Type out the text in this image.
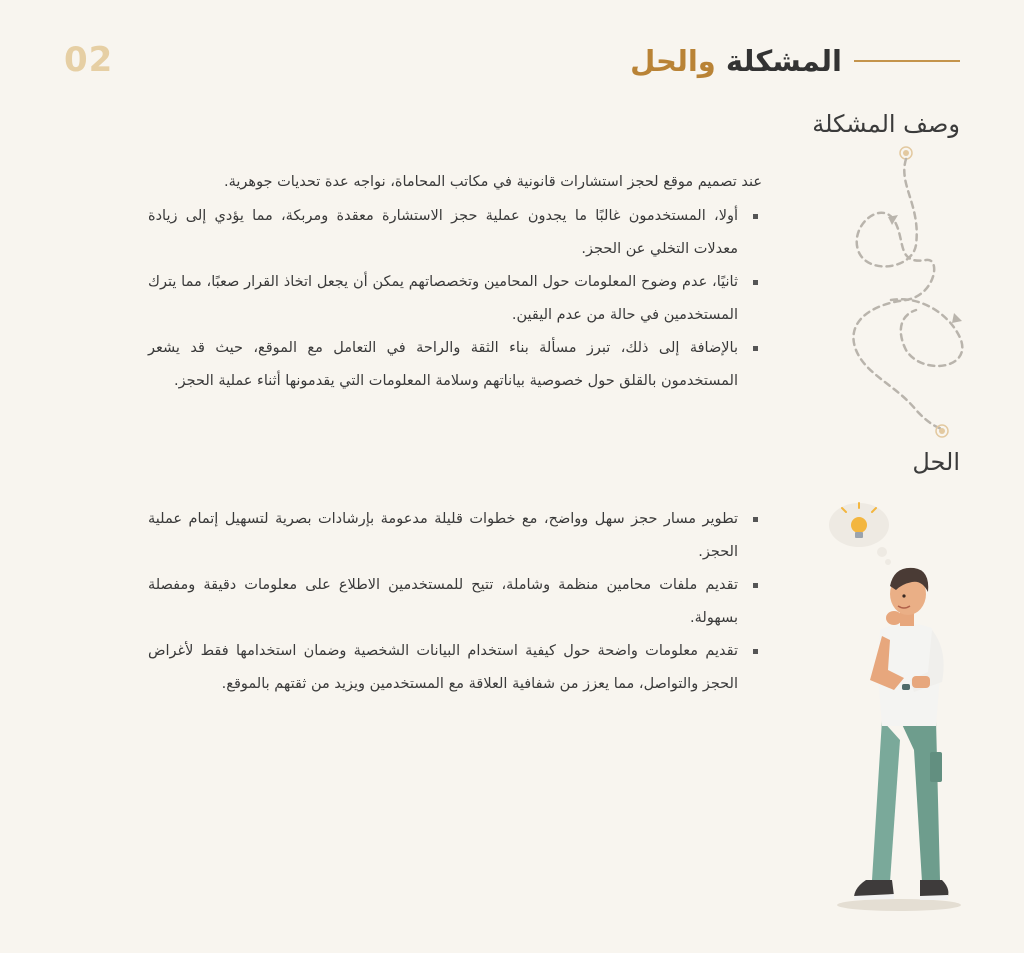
02	المشكلة والحل
وصف المشكلة
عند تصميم موقع لحجز استشارات قانونية في مكاتب المحاماة، نواجه عدة تحديات جوهرية.
أولا، المستخدمون غالبًا ما يجدون عملية حجز الاستشارة معقدة ومربكة، مما يؤدي إلى زيادة معدلات التخلي عن الحجز.
ثانيًا، عدم وضوح المعلومات حول المحامين وتخصصاتهم يمكن أن يجعل اتخاذ القرار صعبًا، مما يترك المستخدمين في حالة من عدم اليقين.
بالإضافة إلى ذلك، تبرز مسألة بناء الثقة والراحة في التعامل مع الموقع، حيث قد يشعر المستخدمون بالقلق حول خصوصية بياناتهم وسلامة المعلومات التي يقدمونها أثناء عملية الحجز.
الحل
تطوير مسار حجز سهل وواضح، مع خطوات قليلة مدعومة بإرشادات بصرية لتسهيل إتمام عملية الحجز.
تقديم ملفات محامين منظمة وشاملة، تتيح للمستخدمين الاطلاع على معلومات دقيقة ومفصلة بسهولة.
تقديم معلومات واضحة حول كيفية استخدام البيانات الشخصية وضمان استخدامها فقط لأغراض الحجز والتواصل، مما يعزز من شفافية العلاقة مع المستخدمين ويزيد من ثقتهم بالموقع.
